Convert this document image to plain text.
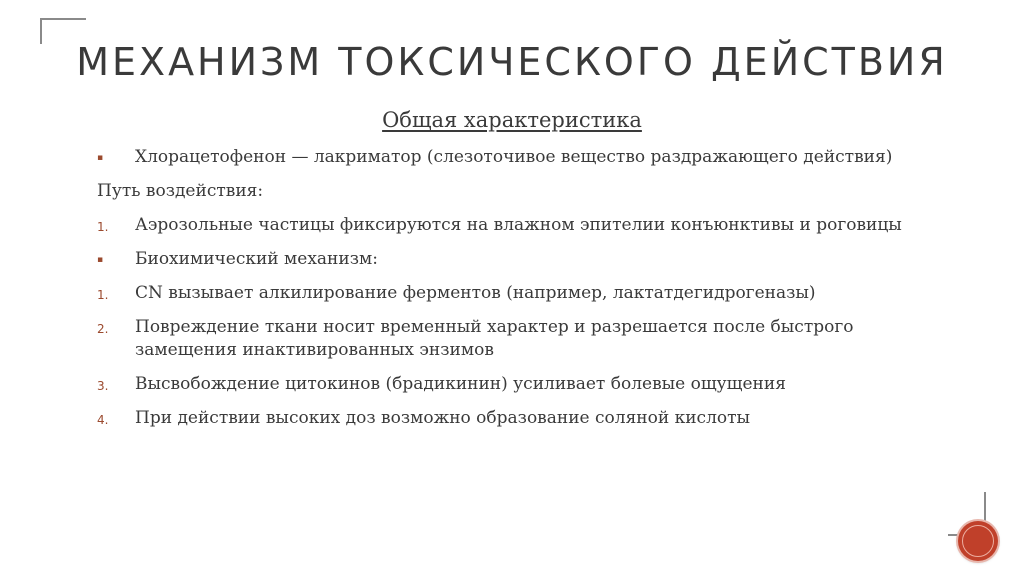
МЕХАНИЗМ ТОКСИЧЕСКОГО ДЕЙСТВИЯ
Общая характеристика
▪ Хлорацетофенон — лакриматор (слезоточивое вещество раздражающего действия)
Путь воздействия:
1. Аэрозольные частицы фиксируются на влажном эпителии конъюнктивы и роговицы
▪ Биохимический механизм:
1. CN вызывает алкилирование ферментов (например, лактатдегидрогеназы)
2. Повреждение ткани носит временный характер и разрешается после быстрого замещения инактивированных энзимов
3. Высвобождение цитокинов (брадикинин) усиливает болевые ощущения
4. При действии высоких доз возможно образование соляной кислоты
